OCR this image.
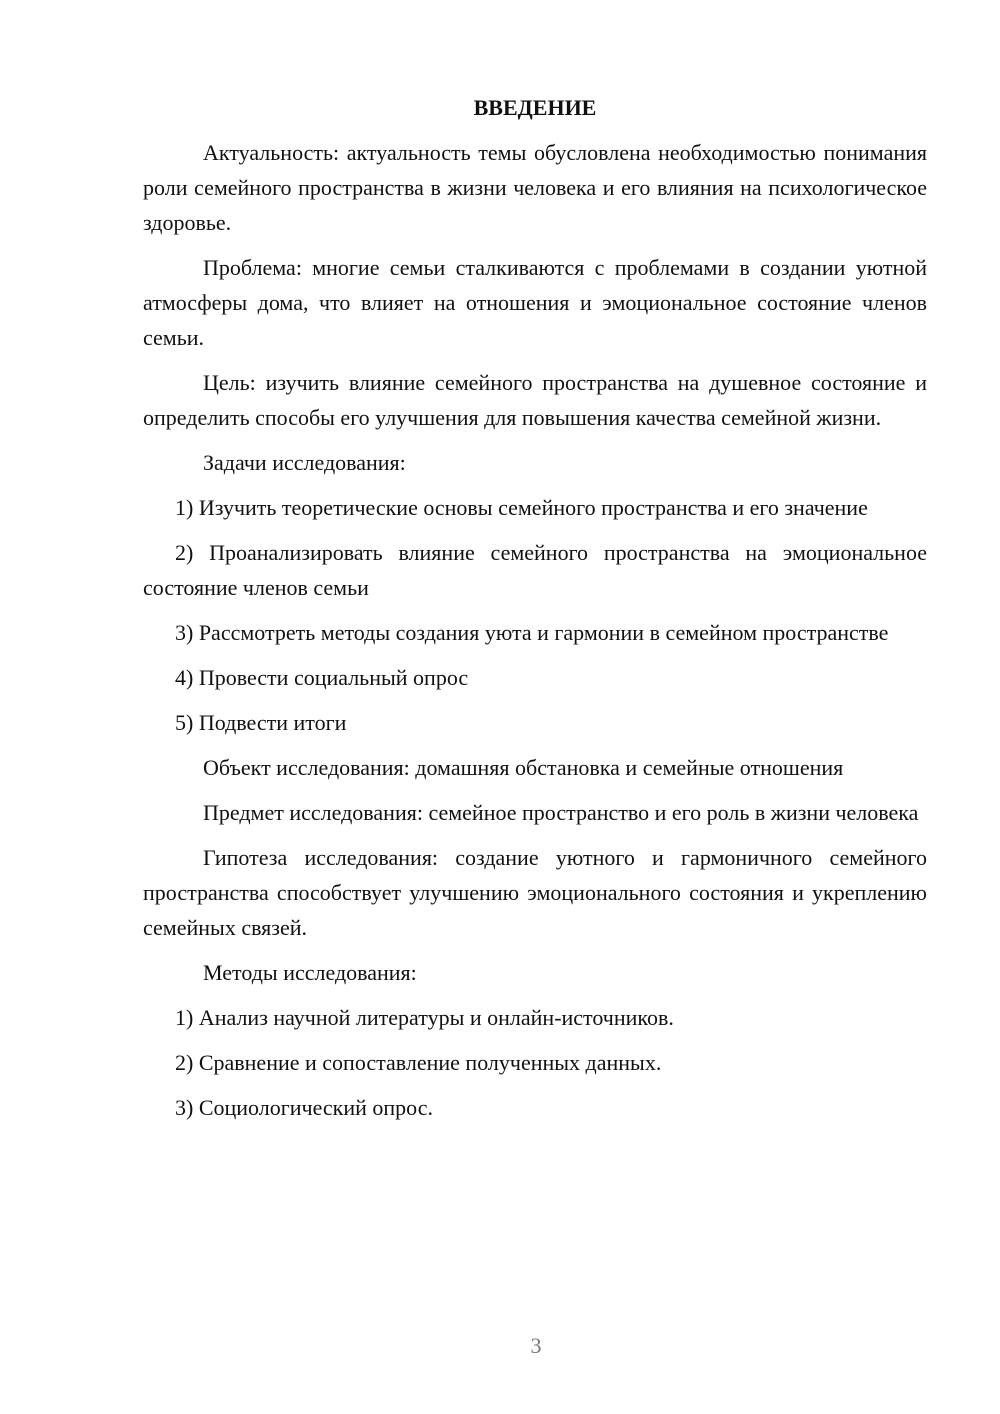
ВВЕДЕНИЕ

Актуальность: актуальность темы обусловлена необходимостью понимания роли семейного пространства в жизни человека и его влияния на психологическое здоровье.

Проблема: многие семьи сталкиваются с проблемами в создании уютной атмосферы дома, что влияет на отношения и эмоциональное состояние членов семьи.

Цель: изучить влияние семейного пространства на душевное состояние и определить способы его улучшения для повышения качества семейной жизни.

Задачи исследования:

1) Изучить теоретические основы семейного пространства и его значение

2) Проанализировать влияние семейного пространства на эмоциональное состояние членов семьи

3) Рассмотреть методы создания уюта и гармонии в семейном пространстве

4) Провести социальный опрос

5) Подвести итоги

Объект исследования: домашняя обстановка и семейные отношения

Предмет исследования: семейное пространство и его роль в жизни человека

Гипотеза исследования: создание уютного и гармоничного семейного пространства способствует улучшению эмоционального состояния и укреплению семейных связей.

Методы исследования:

1) Анализ научной литературы и онлайн-источников.

2) Сравнение и сопоставление полученных данных.

3) Социологический опрос.

3
